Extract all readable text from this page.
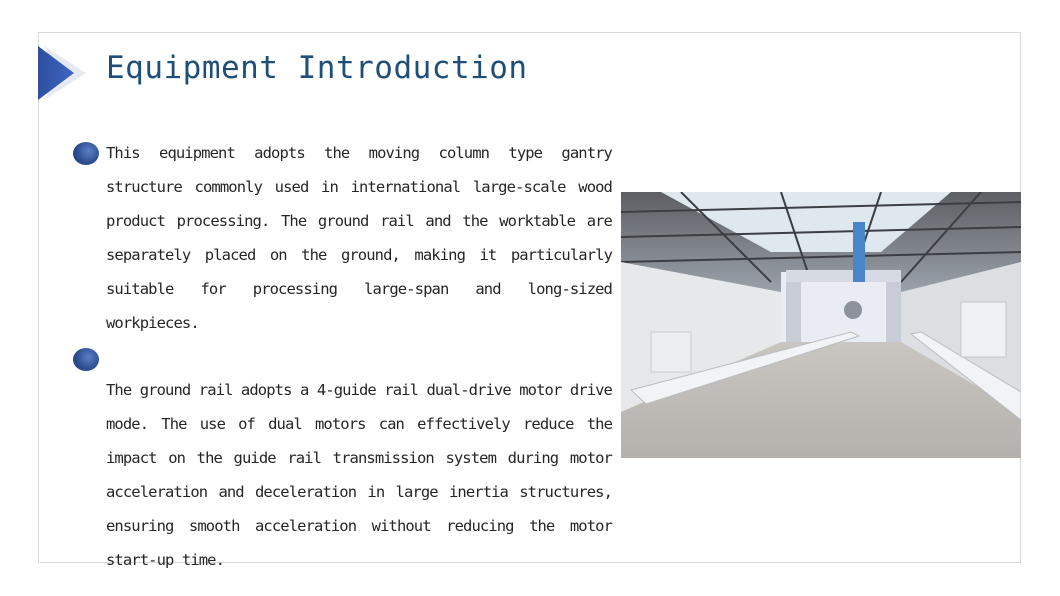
Equipment Introduction

This equipment adopts the moving column type gantry structure commonly used in international large-scale wood product processing. The ground rail and the worktable are separately placed on the ground, making it particularly suitable for processing large-span and long-sized workpieces.

The ground rail adopts a 4-guide rail dual-drive motor drive mode. The use of dual motors can effectively reduce the impact on the guide rail transmission system during motor acceleration and deceleration in large inertia structures, ensuring smooth acceleration without reducing the motor start-up time.
